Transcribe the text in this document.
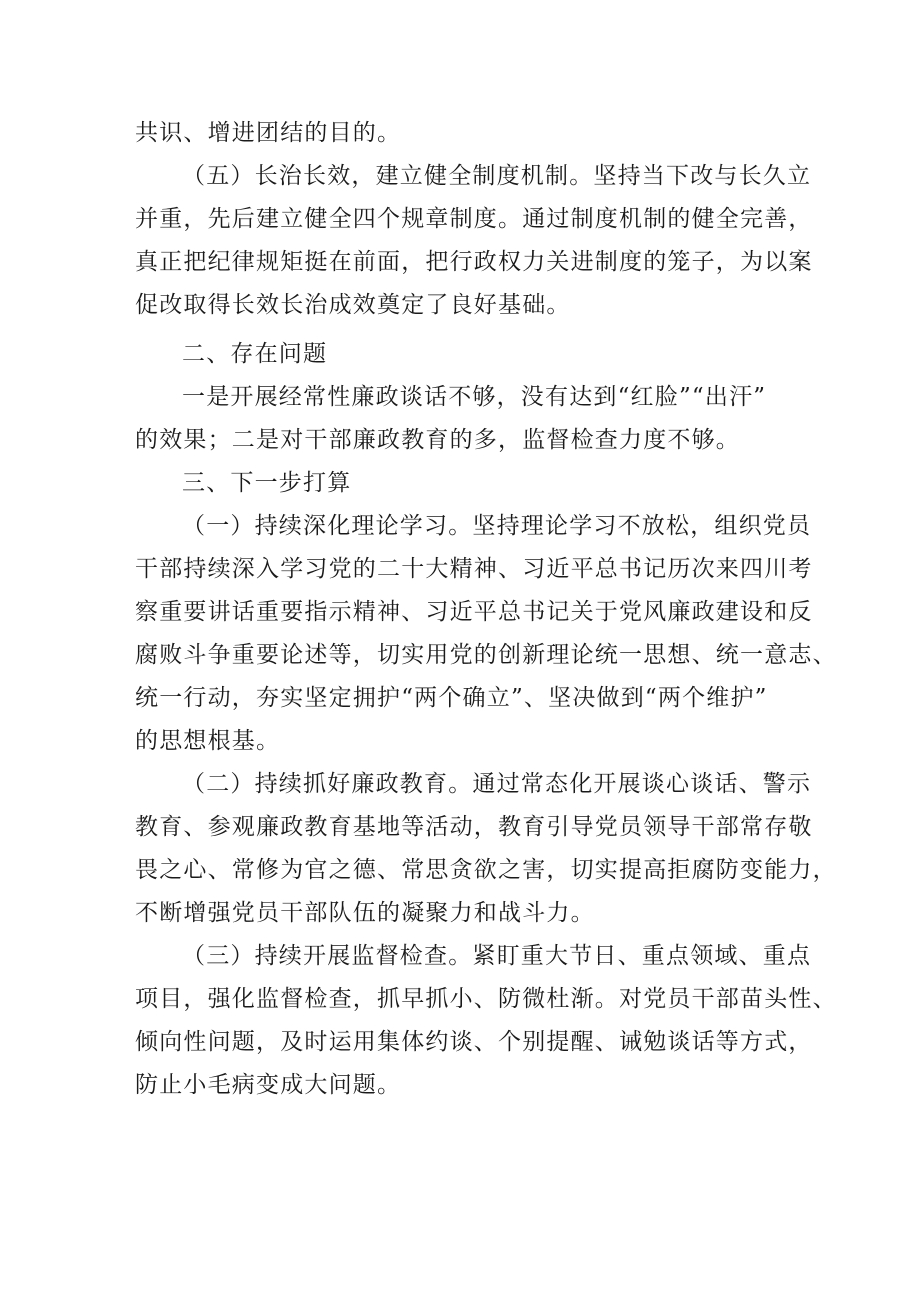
共识、增进团结的目的。
（五）长治长效，建立健全制度机制。坚持当下改与长久立
并重，先后建立健全四个规章制度。通过制度机制的健全完善，
真正把纪律规矩挺在前面，把行政权力关进制度的笼子，为以案
促改取得长效长治成效奠定了良好基础。
二、存在问题
一是开展经常性廉政谈话不够，没有达到“红脸”“出汗”
的效果；二是对干部廉政教育的多，监督检查力度不够。
三、下一步打算
（一）持续深化理论学习。坚持理论学习不放松，组织党员
干部持续深入学习党的二十大精神、习近平总书记历次来四川考
察重要讲话重要指示精神、习近平总书记关于党风廉政建设和反
腐败斗争重要论述等，切实用党的创新理论统一思想、统一意志、
统一行动，夯实坚定拥护“两个确立”、坚决做到“两个维护”
的思想根基。
（二）持续抓好廉政教育。通过常态化开展谈心谈话、警示
教育、参观廉政教育基地等活动，教育引导党员领导干部常存敬
畏之心、常修为官之德、常思贪欲之害，切实提高拒腐防变能力，
不断增强党员干部队伍的凝聚力和战斗力。
（三）持续开展监督检查。紧盯重大节日、重点领域、重点
项目，强化监督检查，抓早抓小、防微杜渐。对党员干部苗头性、
倾向性问题，及时运用集体约谈、个别提醒、诫勉谈话等方式，
防止小毛病变成大问题。
